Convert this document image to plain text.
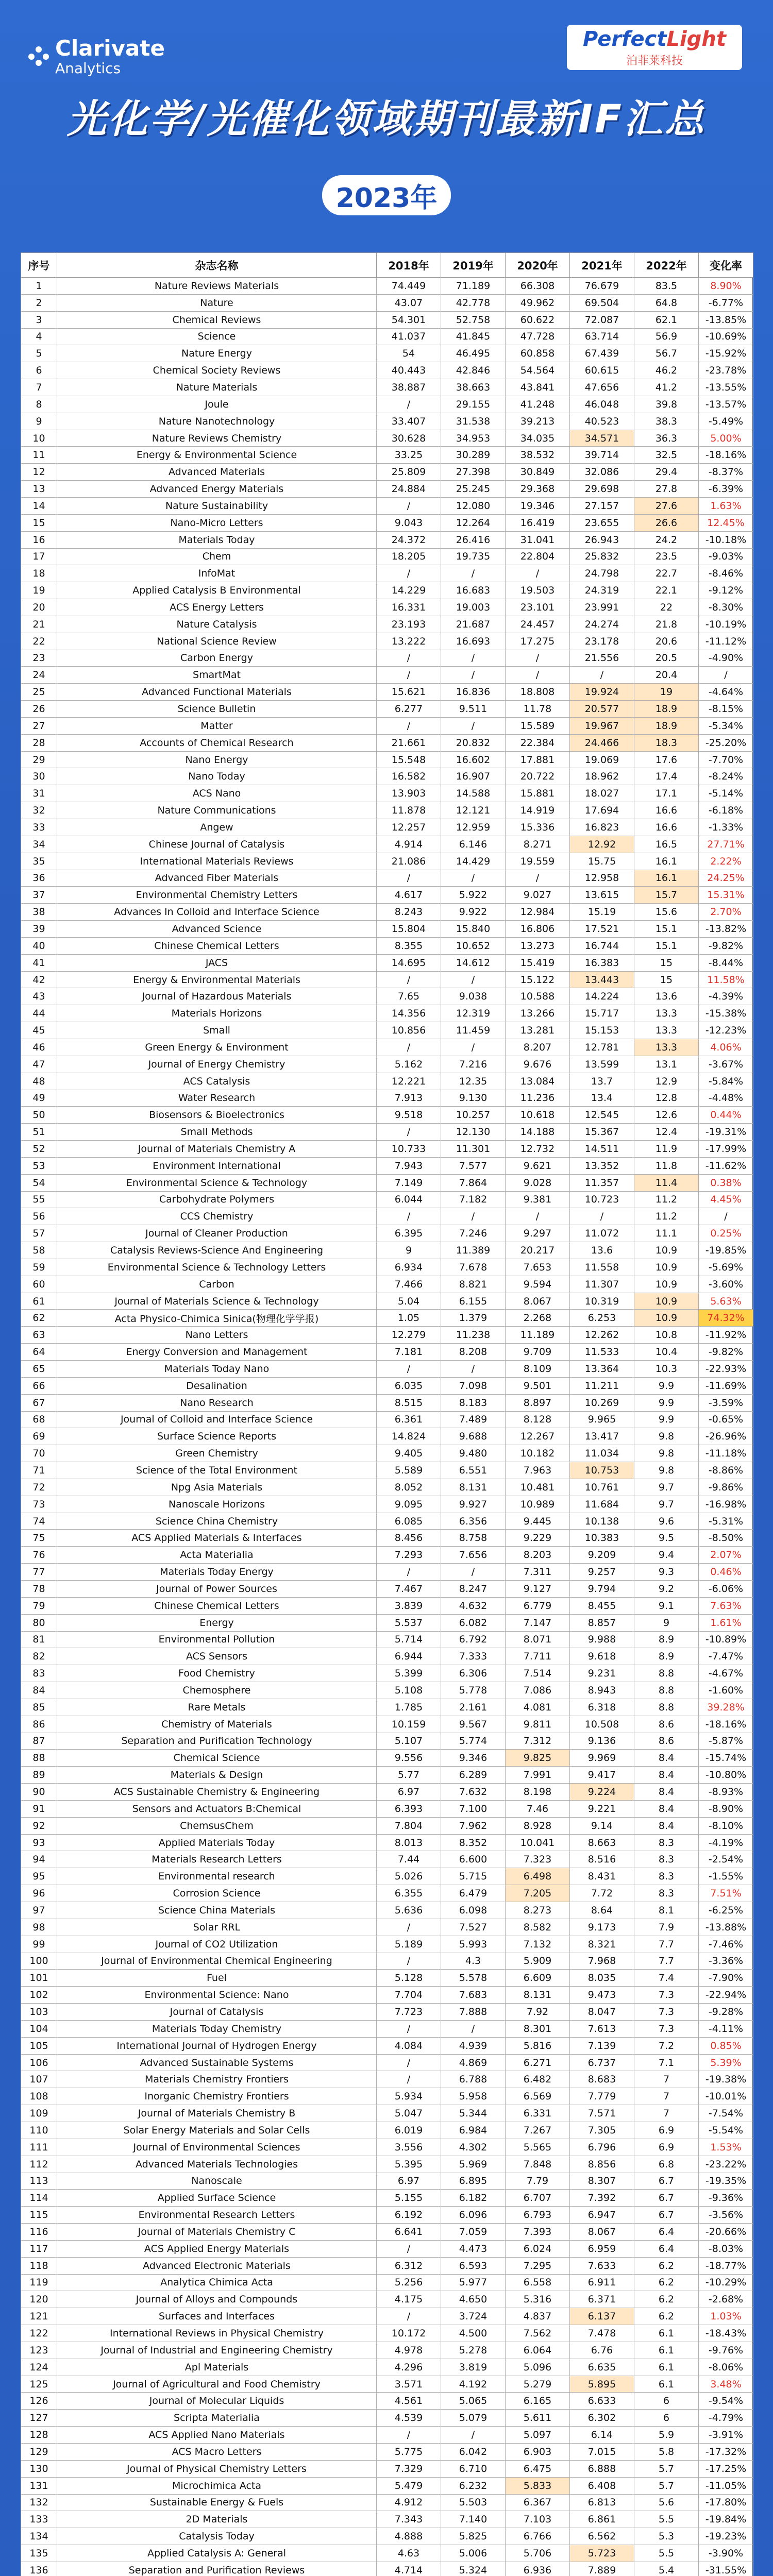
Clarivate
Analytics
PerfectLight
泊菲莱科技
光化学/光催化领域期刊最新IF汇总
2023年
序号	杂志名称	2018年	2019年	2020年	2021年	2022年	变化率
1	Nature Reviews Materials	74.449	71.189	66.308	76.679	83.5	8.90%
2	Nature	43.07	42.778	49.962	69.504	64.8	-6.77%
3	Chemical Reviews	54.301	52.758	60.622	72.087	62.1	-13.85%
4	Science	41.037	41.845	47.728	63.714	56.9	-10.69%
5	Nature Energy	54	46.495	60.858	67.439	56.7	-15.92%
6	Chemical Society Reviews	40.443	42.846	54.564	60.615	46.2	-23.78%
7	Nature Materials	38.887	38.663	43.841	47.656	41.2	-13.55%
8	Joule	/	29.155	41.248	46.048	39.8	-13.57%
9	Nature Nanotechnology	33.407	31.538	39.213	40.523	38.3	-5.49%
10	Nature Reviews Chemistry	30.628	34.953	34.035	34.571	36.3	5.00%
11	Energy & Environmental Science	33.25	30.289	38.532	39.714	32.5	-18.16%
12	Advanced Materials	25.809	27.398	30.849	32.086	29.4	-8.37%
13	Advanced Energy Materials	24.884	25.245	29.368	29.698	27.8	-6.39%
14	Nature Sustainability	/	12.080	19.346	27.157	27.6	1.63%
15	Nano-Micro Letters	9.043	12.264	16.419	23.655	26.6	12.45%
16	Materials Today	24.372	26.416	31.041	26.943	24.2	-10.18%
17	Chem	18.205	19.735	22.804	25.832	23.5	-9.03%
18	InfoMat	/	/	/	24.798	22.7	-8.46%
19	Applied Catalysis B Environmental	14.229	16.683	19.503	24.319	22.1	-9.12%
20	ACS Energy Letters	16.331	19.003	23.101	23.991	22	-8.30%
21	Nature Catalysis	23.193	21.687	24.457	24.274	21.8	-10.19%
22	National Science Review	13.222	16.693	17.275	23.178	20.6	-11.12%
23	Carbon Energy	/	/	/	21.556	20.5	-4.90%
24	SmartMat	/	/	/	/	20.4	/
25	Advanced Functional Materials	15.621	16.836	18.808	19.924	19	-4.64%
26	Science Bulletin	6.277	9.511	11.78	20.577	18.9	-8.15%
27	Matter	/	/	15.589	19.967	18.9	-5.34%
28	Accounts of Chemical Research	21.661	20.832	22.384	24.466	18.3	-25.20%
29	Nano Energy	15.548	16.602	17.881	19.069	17.6	-7.70%
30	Nano Today	16.582	16.907	20.722	18.962	17.4	-8.24%
31	ACS Nano	13.903	14.588	15.881	18.027	17.1	-5.14%
32	Nature Communications	11.878	12.121	14.919	17.694	16.6	-6.18%
33	Angew	12.257	12.959	15.336	16.823	16.6	-1.33%
34	Chinese Journal of Catalysis	4.914	6.146	8.271	12.92	16.5	27.71%
35	International Materials Reviews	21.086	14.429	19.559	15.75	16.1	2.22%
36	Advanced Fiber Materials	/	/	/	12.958	16.1	24.25%
37	Environmental Chemistry Letters	4.617	5.922	9.027	13.615	15.7	15.31%
38	Advances In Colloid and Interface Science	8.243	9.922	12.984	15.19	15.6	2.70%
39	Advanced Science	15.804	15.840	16.806	17.521	15.1	-13.82%
40	Chinese Chemical Letters	8.355	10.652	13.273	16.744	15.1	-9.82%
41	JACS	14.695	14.612	15.419	16.383	15	-8.44%
42	Energy & Environmental Materials	/	/	15.122	13.443	15	11.58%
43	Journal of Hazardous Materials	7.65	9.038	10.588	14.224	13.6	-4.39%
44	Materials Horizons	14.356	12.319	13.266	15.717	13.3	-15.38%
45	Small	10.856	11.459	13.281	15.153	13.3	-12.23%
46	Green Energy & Environment	/	/	8.207	12.781	13.3	4.06%
47	Journal of Energy Chemistry	5.162	7.216	9.676	13.599	13.1	-3.67%
48	ACS Catalysis	12.221	12.35	13.084	13.7	12.9	-5.84%
49	Water Research	7.913	9.130	11.236	13.4	12.8	-4.48%
50	Biosensors & Bioelectronics	9.518	10.257	10.618	12.545	12.6	0.44%
51	Small Methods	/	12.130	14.188	15.367	12.4	-19.31%
52	Journal of Materials Chemistry A	10.733	11.301	12.732	14.511	11.9	-17.99%
53	Environment International	7.943	7.577	9.621	13.352	11.8	-11.62%
54	Environmental Science & Technology	7.149	7.864	9.028	11.357	11.4	0.38%
55	Carbohydrate Polymers	6.044	7.182	9.381	10.723	11.2	4.45%
56	CCS Chemistry	/	/	/	/	11.2	/
57	Journal of Cleaner Production	6.395	7.246	9.297	11.072	11.1	0.25%
58	Catalysis Reviews-Science And Engineering	9	11.389	20.217	13.6	10.9	-19.85%
59	Environmental Science & Technology Letters	6.934	7.678	7.653	11.558	10.9	-5.69%
60	Carbon	7.466	8.821	9.594	11.307	10.9	-3.60%
61	Journal of Materials Science & Technology	5.04	6.155	8.067	10.319	10.9	5.63%
62	Acta Physico-Chimica Sinica(物理化学学报)	1.05	1.379	2.268	6.253	10.9	74.32%
63	Nano Letters	12.279	11.238	11.189	12.262	10.8	-11.92%
64	Energy Conversion and Management	7.181	8.208	9.709	11.533	10.4	-9.82%
65	Materials Today Nano	/	/	8.109	13.364	10.3	-22.93%
66	Desalination	6.035	7.098	9.501	11.211	9.9	-11.69%
67	Nano Research	8.515	8.183	8.897	10.269	9.9	-3.59%
68	Journal of Colloid and Interface Science	6.361	7.489	8.128	9.965	9.9	-0.65%
69	Surface Science Reports	14.824	9.688	12.267	13.417	9.8	-26.96%
70	Green Chemistry	9.405	9.480	10.182	11.034	9.8	-11.18%
71	Science of the Total Environment	5.589	6.551	7.963	10.753	9.8	-8.86%
72	Npg Asia Materials	8.052	8.131	10.481	10.761	9.7	-9.86%
73	Nanoscale Horizons	9.095	9.927	10.989	11.684	9.7	-16.98%
74	Science China Chemistry	6.085	6.356	9.445	10.138	9.6	-5.31%
75	ACS Applied Materials & Interfaces	8.456	8.758	9.229	10.383	9.5	-8.50%
76	Acta Materialia	7.293	7.656	8.203	9.209	9.4	2.07%
77	Materials Today Energy	/	/	7.311	9.257	9.3	0.46%
78	Journal of Power Sources	7.467	8.247	9.127	9.794	9.2	-6.06%
79	Chinese Chemical Letters	3.839	4.632	6.779	8.455	9.1	7.63%
80	Energy	5.537	6.082	7.147	8.857	9	1.61%
81	Environmental Pollution	5.714	6.792	8.071	9.988	8.9	-10.89%
82	ACS Sensors	6.944	7.333	7.711	9.618	8.9	-7.47%
83	Food Chemistry	5.399	6.306	7.514	9.231	8.8	-4.67%
84	Chemosphere	5.108	5.778	7.086	8.943	8.8	-1.60%
85	Rare Metals	1.785	2.161	4.081	6.318	8.8	39.28%
86	Chemistry of Materials	10.159	9.567	9.811	10.508	8.6	-18.16%
87	Separation and Purification Technology	5.107	5.774	7.312	9.136	8.6	-5.87%
88	Chemical Science	9.556	9.346	9.825	9.969	8.4	-15.74%
89	Materials & Design	5.77	6.289	7.991	9.417	8.4	-10.80%
90	ACS Sustainable Chemistry & Engineering	6.97	7.632	8.198	9.224	8.4	-8.93%
91	Sensors and Actuators B:Chemical	6.393	7.100	7.46	9.221	8.4	-8.90%
92	ChemsusChem	7.804	7.962	8.928	9.14	8.4	-8.10%
93	Applied Materials Today	8.013	8.352	10.041	8.663	8.3	-4.19%
94	Materials Research Letters	7.44	6.600	7.323	8.516	8.3	-2.54%
95	Environmental research	5.026	5.715	6.498	8.431	8.3	-1.55%
96	Corrosion Science	6.355	6.479	7.205	7.72	8.3	7.51%
97	Science China Materials	5.636	6.098	8.273	8.64	8.1	-6.25%
98	Solar RRL	/	7.527	8.582	9.173	7.9	-13.88%
99	Journal of CO2 Utilization	5.189	5.993	7.132	8.321	7.7	-7.46%
100	Journal of Environmental Chemical Engineering	/	4.3	5.909	7.968	7.7	-3.36%
101	Fuel	5.128	5.578	6.609	8.035	7.4	-7.90%
102	Environmental Science: Nano	7.704	7.683	8.131	9.473	7.3	-22.94%
103	Journal of Catalysis	7.723	7.888	7.92	8.047	7.3	-9.28%
104	Materials Today Chemistry	/	/	8.301	7.613	7.3	-4.11%
105	International Journal of Hydrogen Energy	4.084	4.939	5.816	7.139	7.2	0.85%
106	Advanced Sustainable Systems	/	4.869	6.271	6.737	7.1	5.39%
107	Materials Chemistry Frontiers	/	6.788	6.482	8.683	7	-19.38%
108	Inorganic Chemistry Frontiers	5.934	5.958	6.569	7.779	7	-10.01%
109	Journal of Materials Chemistry B	5.047	5.344	6.331	7.571	7	-7.54%
110	Solar Energy Materials and Solar Cells	6.019	6.984	7.267	7.305	6.9	-5.54%
111	Journal of Environmental Sciences	3.556	4.302	5.565	6.796	6.9	1.53%
112	Advanced Materials Technologies	5.395	5.969	7.848	8.856	6.8	-23.22%
113	Nanoscale	6.97	6.895	7.79	8.307	6.7	-19.35%
114	Applied Surface Science	5.155	6.182	6.707	7.392	6.7	-9.36%
115	Environmental Research Letters	6.192	6.096	6.793	6.947	6.7	-3.56%
116	Journal of Materials Chemistry C	6.641	7.059	7.393	8.067	6.4	-20.66%
117	ACS Applied Energy Materials	/	4.473	6.024	6.959	6.4	-8.03%
118	Advanced Electronic Materials	6.312	6.593	7.295	7.633	6.2	-18.77%
119	Analytica Chimica Acta	5.256	5.977	6.558	6.911	6.2	-10.29%
120	Journal of Alloys and Compounds	4.175	4.650	5.316	6.371	6.2	-2.68%
121	Surfaces and Interfaces	/	3.724	4.837	6.137	6.2	1.03%
122	International Reviews in Physical Chemistry	10.172	4.500	7.562	7.478	6.1	-18.43%
123	Journal of Industrial and Engineering Chemistry	4.978	5.278	6.064	6.76	6.1	-9.76%
124	Apl Materials	4.296	3.819	5.096	6.635	6.1	-8.06%
125	Journal of Agricultural and Food Chemistry	3.571	4.192	5.279	5.895	6.1	3.48%
126	Journal of Molecular Liquids	4.561	5.065	6.165	6.633	6	-9.54%
127	Scripta Materialia	4.539	5.079	5.611	6.302	6	-4.79%
128	ACS Applied Nano Materials	/	/	5.097	6.14	5.9	-3.91%
129	ACS Macro Letters	5.775	6.042	6.903	7.015	5.8	-17.32%
130	Journal of Physical Chemistry Letters	7.329	6.710	6.475	6.888	5.7	-17.25%
131	Microchimica Acta	5.479	6.232	5.833	6.408	5.7	-11.05%
132	Sustainable Energy & Fuels	4.912	5.503	6.367	6.813	5.6	-17.80%
133	2D Materials	7.343	7.140	7.103	6.861	5.5	-19.84%
134	Catalysis Today	4.888	5.825	6.766	6.562	5.3	-19.23%
135	Applied Catalysis A: General	4.63	5.006	5.706	5.723	5.5	-3.90%
136	Separation and Purification Reviews	4.714	5.324	6.936	7.889	5.4	-31.55%
